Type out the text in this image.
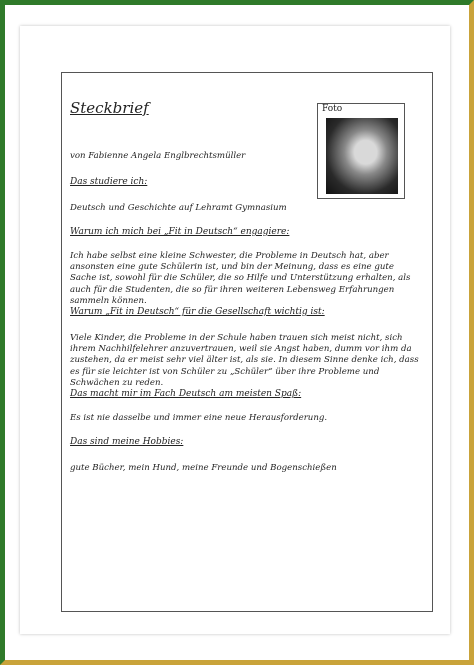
Steckbrief	Foto
von Fabienne Angela Englbrechtsmüller
Das studiere ich:
Deutsch und Geschichte auf Lehramt Gymnasium
Warum ich mich bei „Fit in Deutsch“ engagiere:
Ich habe selbst eine kleine Schwester, die Probleme in Deutsch hat, aber ansonsten eine gute Schülerin ist, und bin der Meinung, dass es eine gute Sache ist, sowohl für die Schüler, die so Hilfe und Unterstützung erhalten, als auch für die Studenten, die so für ihren weiteren Lebensweg Erfahrungen sammeln können.
Warum „Fit in Deutsch“ für die Gesellschaft wichtig ist:
Viele Kinder, die Probleme in der Schule haben trauen sich meist nicht, sich ihrem Nachhilfelehrer anzuvertrauen, weil sie Angst haben, dumm vor ihm da zustehen, da er meist sehr viel älter ist, als sie. In diesem Sinne denke ich, dass es für sie leichter ist von Schüler zu „Schüler“ über ihre Probleme und Schwächen zu reden.
Das macht mir im Fach Deutsch am meisten Spaß:
Es ist nie dasselbe und immer eine neue Herausforderung.
Das sind meine Hobbies:
gute Bücher, mein Hund, meine Freunde und Bogenschießen
